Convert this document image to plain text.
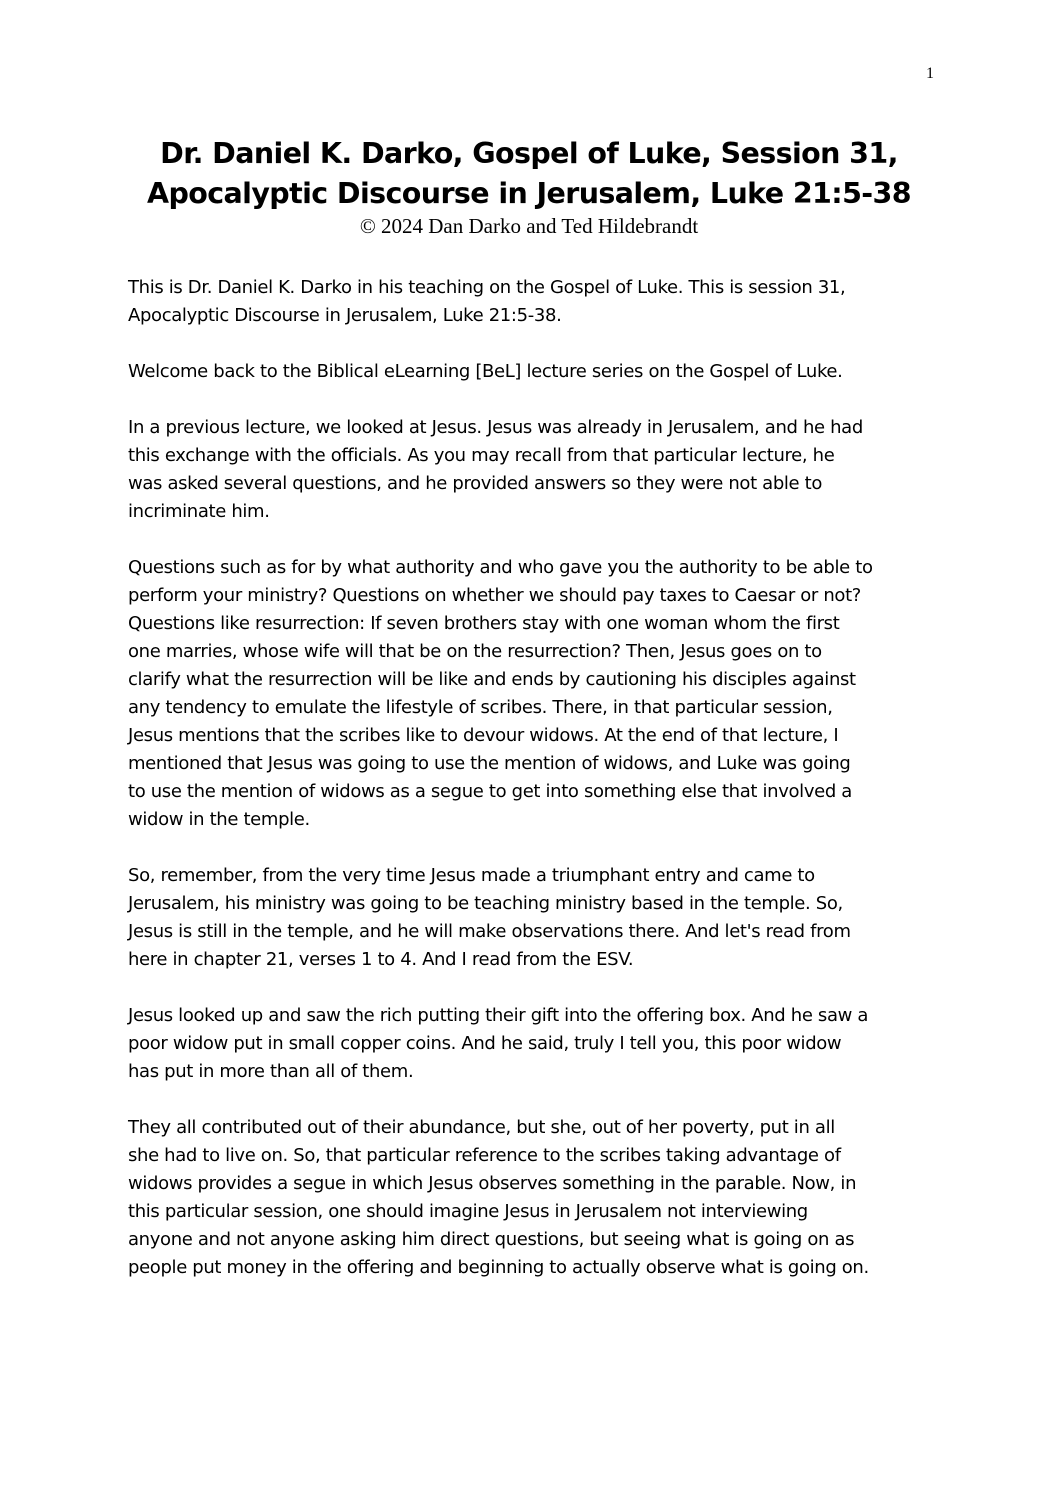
1
Dr. Daniel K. Darko, Gospel of Luke, Session 31,
Apocalyptic Discourse in Jerusalem, Luke 21:5-38
© 2024 Dan Darko and Ted Hildebrandt
This is Dr. Daniel K. Darko in his teaching on the Gospel of Luke. This is session 31,
Apocalyptic Discourse in Jerusalem, Luke 21:5-38.
Welcome back to the Biblical eLearning [BeL] lecture series on the Gospel of Luke.
In a previous lecture, we looked at Jesus. Jesus was already in Jerusalem, and he had
this exchange with the officials. As you may recall from that particular lecture, he
was asked several questions, and he provided answers so they were not able to
incriminate him.
Questions such as for by what authority and who gave you the authority to be able to
perform your ministry? Questions on whether we should pay taxes to Caesar or not?
Questions like resurrection: If seven brothers stay with one woman whom the first
one marries, whose wife will that be on the resurrection? Then, Jesus goes on to
clarify what the resurrection will be like and ends by cautioning his disciples against
any tendency to emulate the lifestyle of scribes. There, in that particular session,
Jesus mentions that the scribes like to devour widows. At the end of that lecture, I
mentioned that Jesus was going to use the mention of widows, and Luke was going
to use the mention of widows as a segue to get into something else that involved a
widow in the temple.
So, remember, from the very time Jesus made a triumphant entry and came to
Jerusalem, his ministry was going to be teaching ministry based in the temple. So,
Jesus is still in the temple, and he will make observations there. And let's read from
here in chapter 21, verses 1 to 4. And I read from the ESV.
Jesus looked up and saw the rich putting their gift into the offering box. And he saw a
poor widow put in small copper coins. And he said, truly I tell you, this poor widow
has put in more than all of them.
They all contributed out of their abundance, but she, out of her poverty, put in all
she had to live on. So, that particular reference to the scribes taking advantage of
widows provides a segue in which Jesus observes something in the parable. Now, in
this particular session, one should imagine Jesus in Jerusalem not interviewing
anyone and not anyone asking him direct questions, but seeing what is going on as
people put money in the offering and beginning to actually observe what is going on.
